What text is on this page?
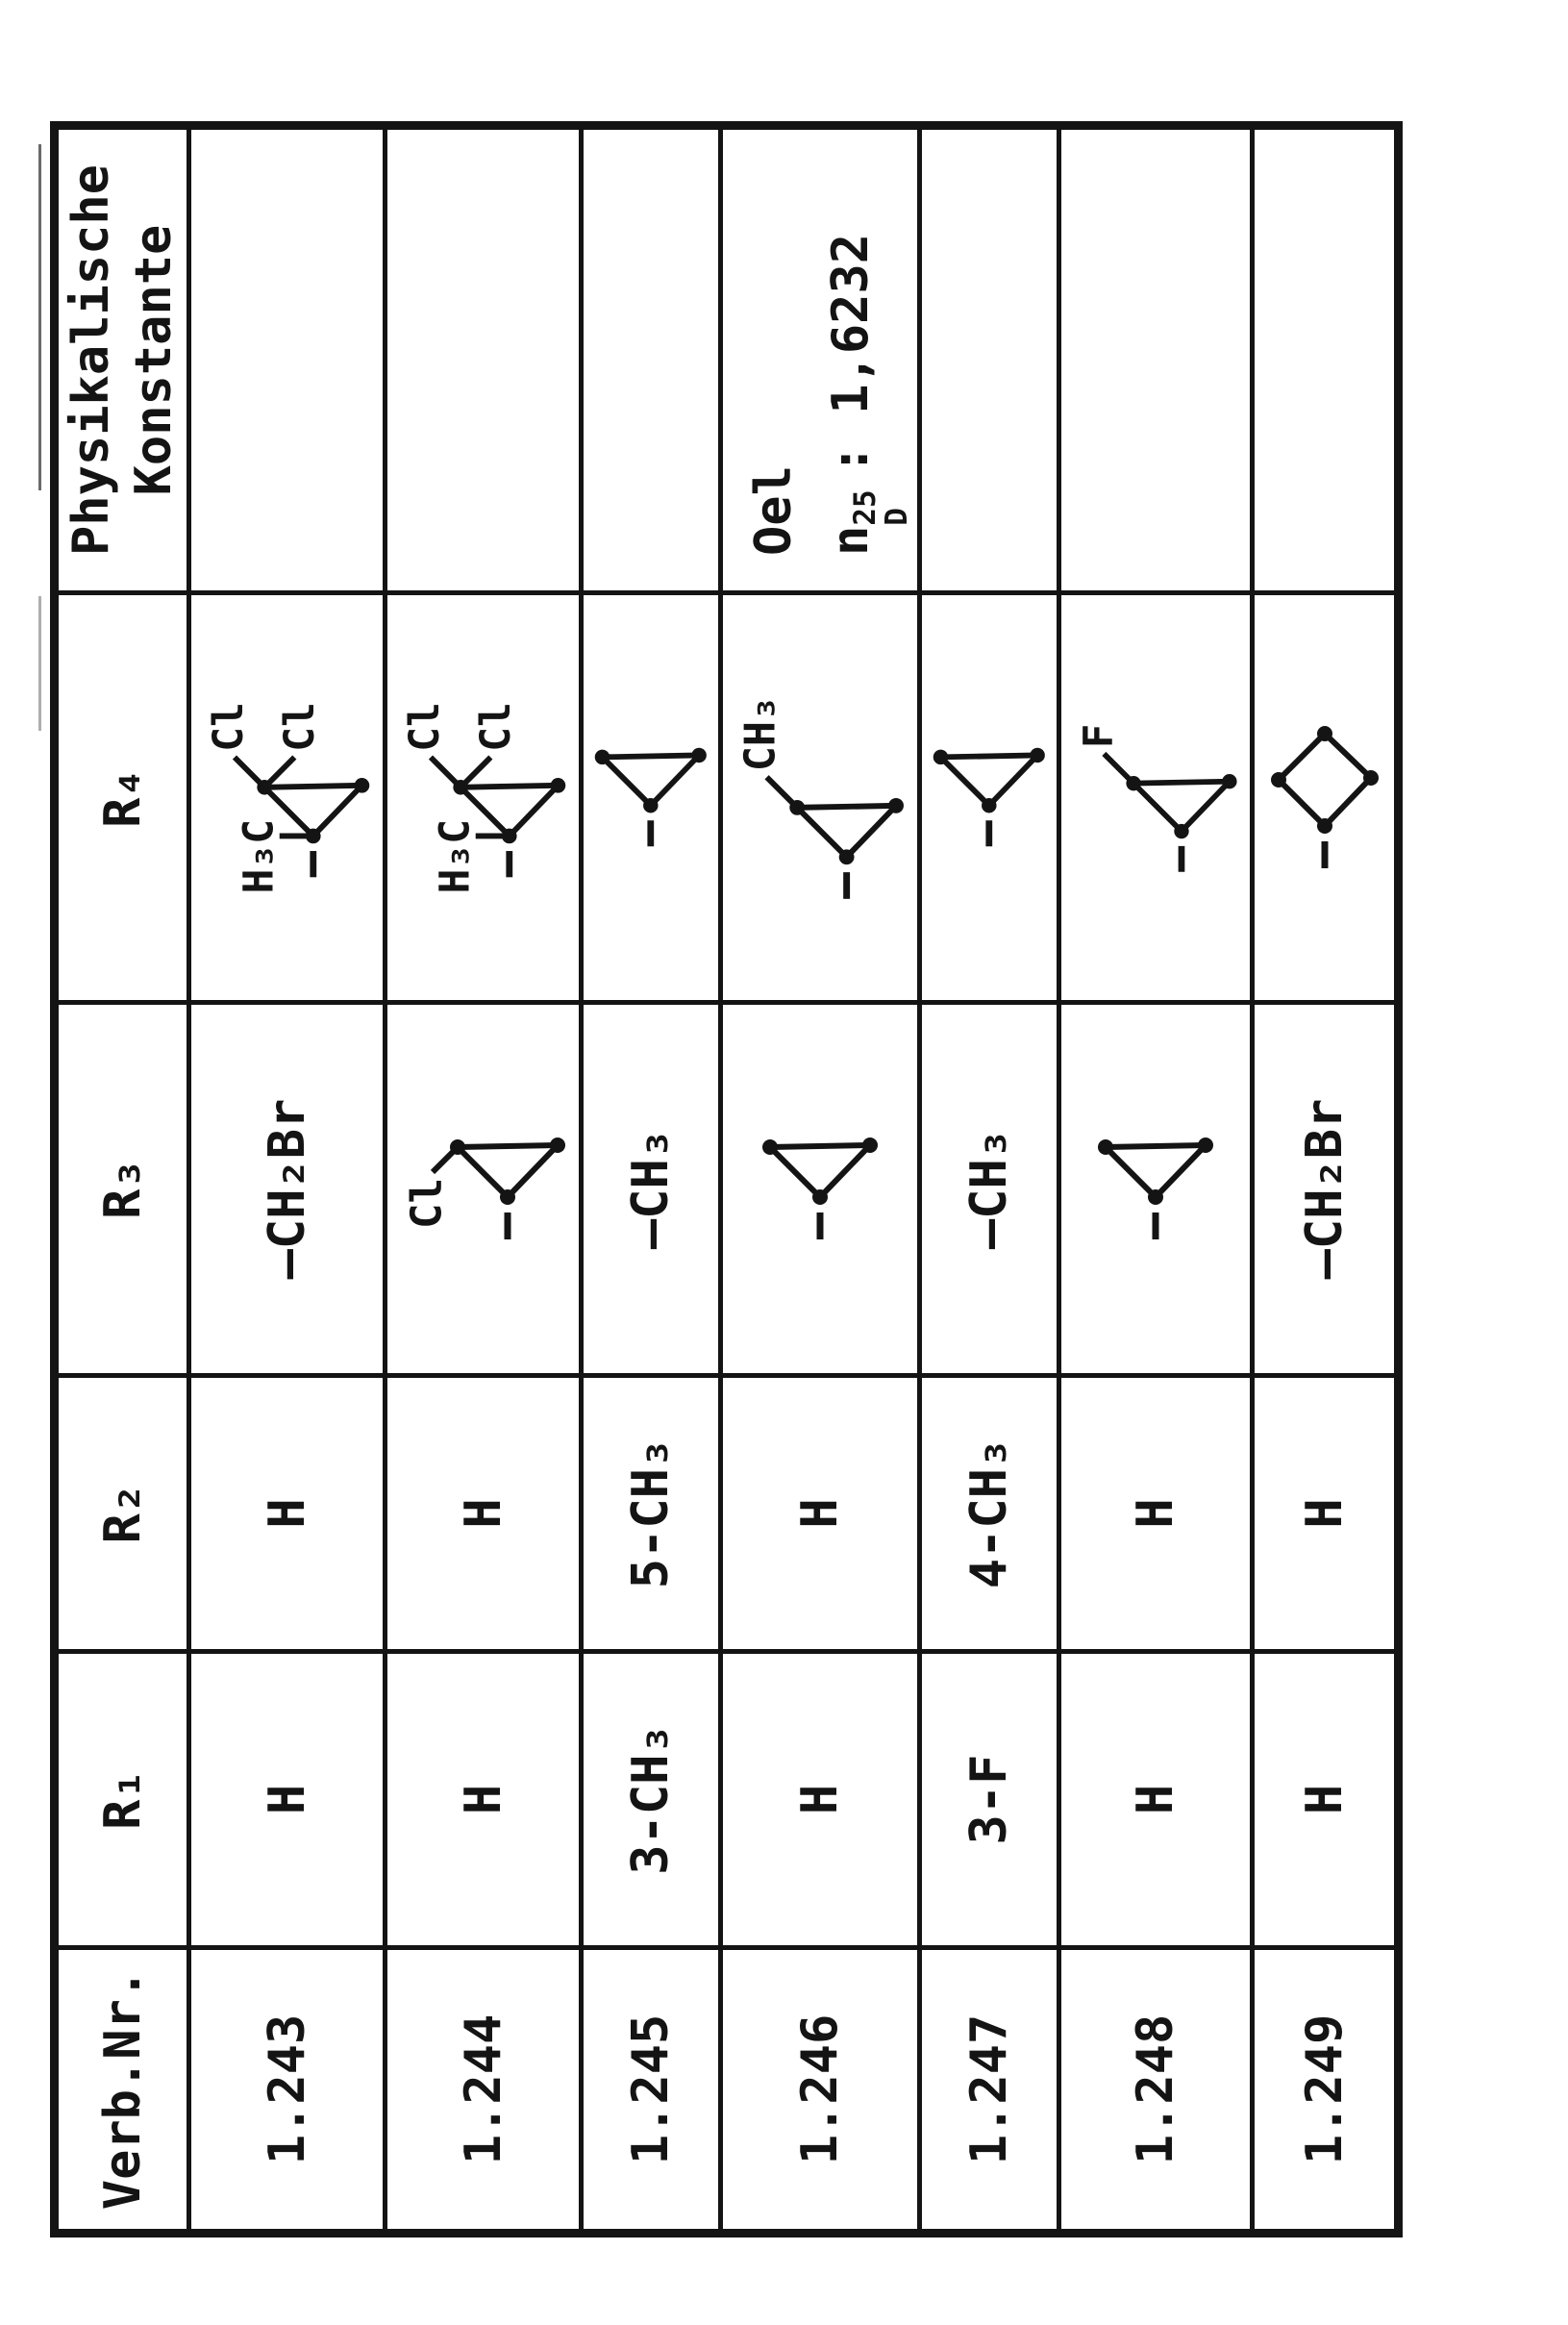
Verb.Nr.	R₁	R₂	R₃	R₄	Physikalische Konstante

1.243	H	H	—CH₂Br	Cl Cl
H₃C	

1.244	H	H	Cl	Cl Cl
H₃C	

1.245	3-CH₃	5-CH₃	—CH₃	

1.246	H	H		CH₃	Oel n
25
D
: 1,6232

1.247	3-F	4-CH₃	—CH₃	

1.248	H	H		F	

1.249	H	H	—CH₂Br	
